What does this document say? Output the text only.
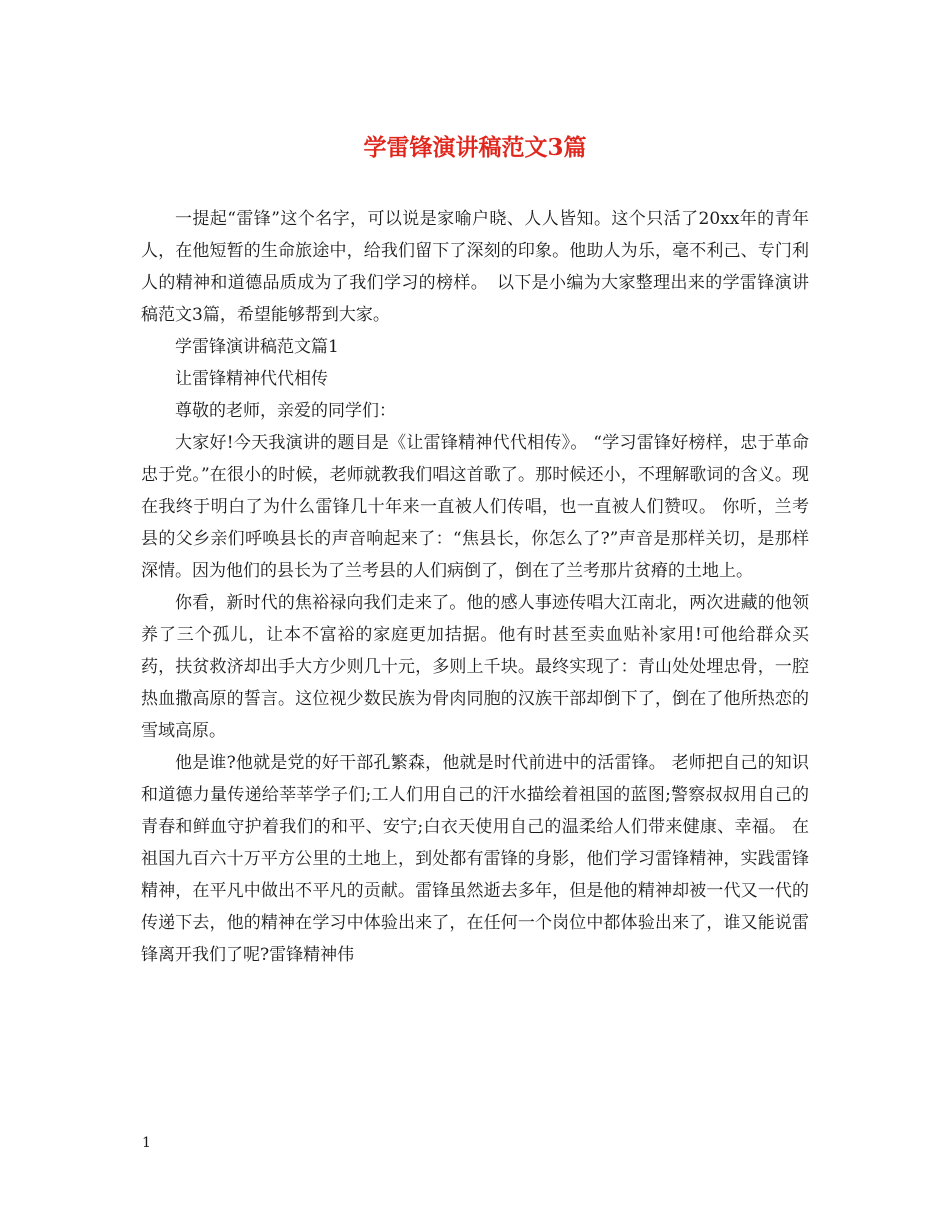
学雷锋演讲稿范文3篇

一提起“雷锋”这个名字，可以说是家喻户晓、人人皆知。这个只活了20xx年的青年人，在他短暂的生命旅途中，给我们留下了深刻的印象。他助人为乐，毫不利己、专门利人的精神和道德品质成为了我们学习的榜样。　以下是小编为大家整理出来的学雷锋演讲稿范文3篇，希望能够帮到大家。

学雷锋演讲稿范文篇1

让雷锋精神代代相传

尊敬的老师，亲爱的同学们：

大家好!今天我演讲的题目是《让雷锋精神代代相传》。 “学习雷锋好榜样，忠于革命忠于党。”在很小的时候，老师就教我们唱这首歌了。那时候还小，不理解歌词的含义。现在我终于明白了为什么雷锋几十年来一直被人们传唱，也一直被人们赞叹。 你听，兰考县的父乡亲们呼唤县长的声音响起来了：“焦县长，你怎么了?”声音是那样关切，是那样深情。因为他们的县长为了兰考县的人们病倒了，倒在了兰考那片贫瘠的土地上。

你看，新时代的焦裕禄向我们走来了。他的感人事迹传唱大江南北，两次进藏的他领养了三个孤儿，让本不富裕的家庭更加拮据。他有时甚至卖血贴补家用!可他给群众买药，扶贫救济却出手大方少则几十元，多则上千块。最终实现了：青山处处埋忠骨，一腔热血撒高原的誓言。这位视少数民族为骨肉同胞的汉族干部却倒下了，倒在了他所热恋的雪域高原。

他是谁?他就是党的好干部孔繁森，他就是时代前进中的活雷锋。 老师把自己的知识和道德力量传递给莘莘学子们;工人们用自己的汗水描绘着祖国的蓝图;警察叔叔用自己的青春和鲜血守护着我们的和平、安宁;白衣天使用自己的温柔给人们带来健康、幸福。 在祖国九百六十万平方公里的土地上，到处都有雷锋的身影，他们学习雷锋精神，实践雷锋精神，在平凡中做出不平凡的贡献。雷锋虽然逝去多年，但是他的精神却被一代又一代的传递下去，他的精神在学习中体验出来了，在任何一个岗位中都体验出来了，谁又能说雷锋离开我们了呢?雷锋精神伟

1
